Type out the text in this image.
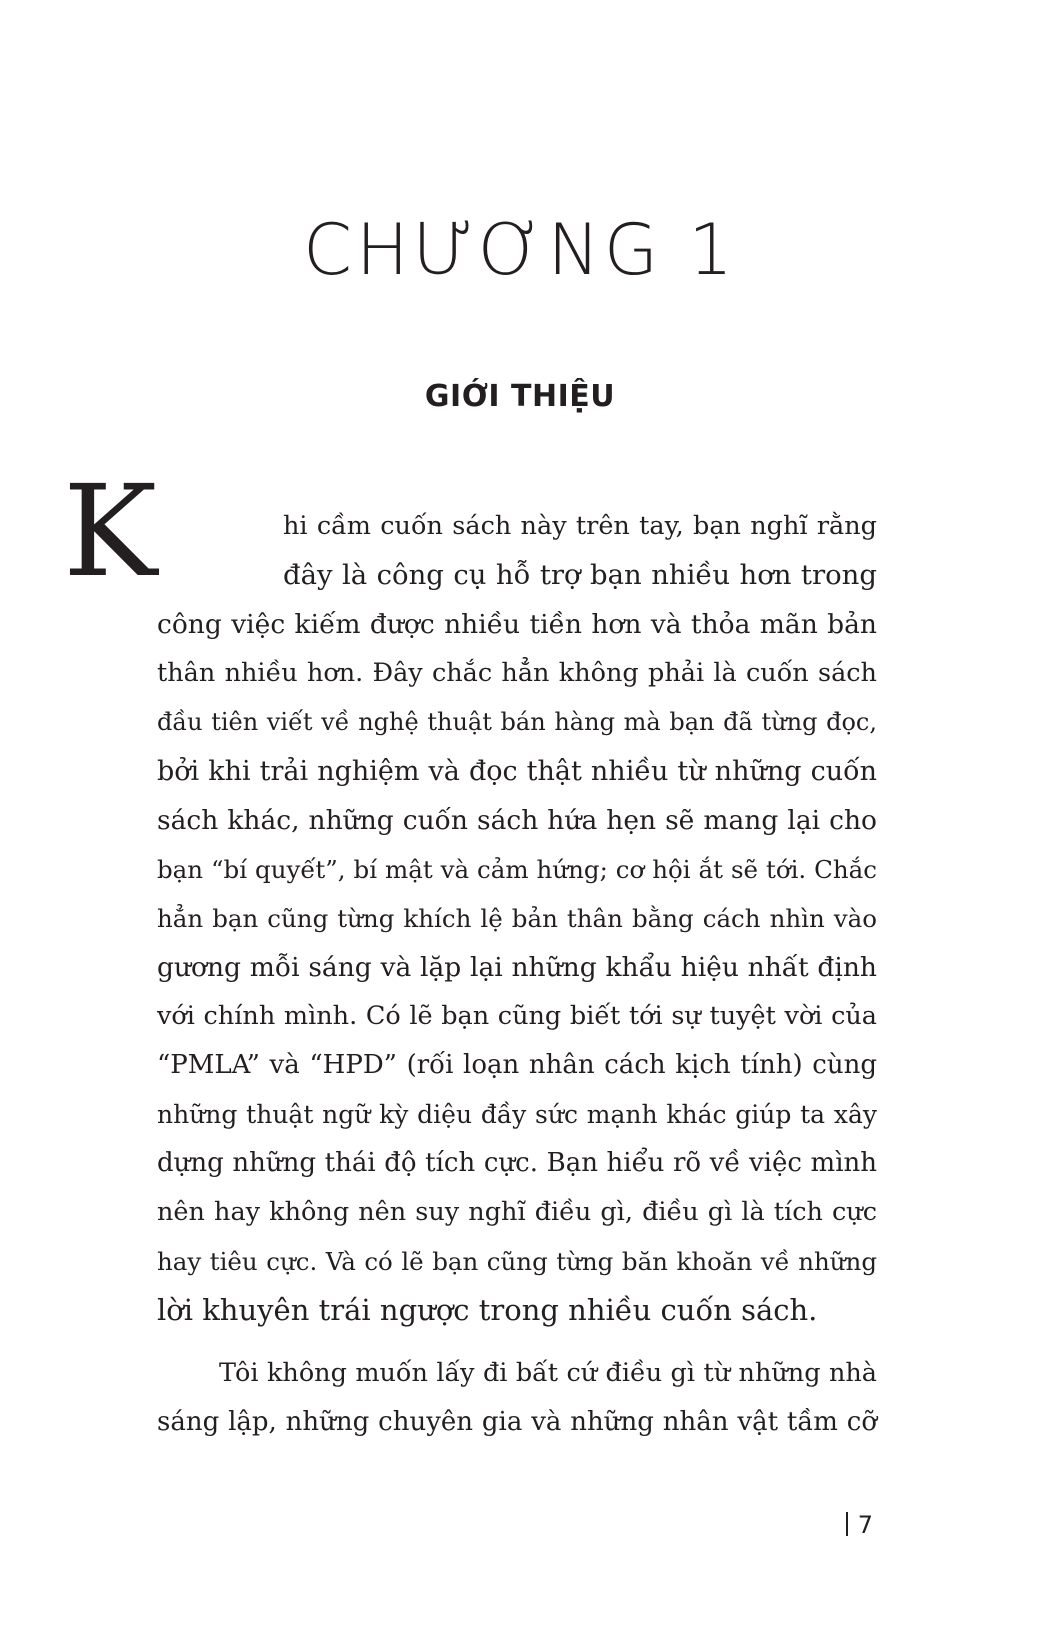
CHƯƠNG 1
GIỚI THIỆU
K	hi cầm cuốn sách này trên tay, bạn nghĩ rằng
đây là công cụ hỗ trợ bạn nhiều hơn trong
công việc kiếm được nhiều tiền hơn và thỏa mãn bản
thân nhiều hơn. Đây chắc hẳn không phải là cuốn sách
đầu tiên viết về nghệ thuật bán hàng mà bạn đã từng đọc,
bởi khi trải nghiệm và đọc thật nhiều từ những cuốn
sách khác, những cuốn sách hứa hẹn sẽ mang lại cho
bạn “bí quyết”, bí mật và cảm hứng; cơ hội ắt sẽ tới. Chắc
hẳn bạn cũng từng khích lệ bản thân bằng cách nhìn vào
gương mỗi sáng và lặp lại những khẩu hiệu nhất định
với chính mình. Có lẽ bạn cũng biết tới sự tuyệt vời của
“PMLA” và “HPD” (rối loạn nhân cách kịch tính) cùng
những thuật ngữ kỳ diệu đầy sức mạnh khác giúp ta xây
dựng những thái độ tích cực. Bạn hiểu rõ về việc mình
nên hay không nên suy nghĩ điều gì, điều gì là tích cực
hay tiêu cực. Và có lẽ bạn cũng từng băn khoăn về những
lời khuyên trái ngược trong nhiều cuốn sách.
Tôi không muốn lấy đi bất cứ điều gì từ những nhà
sáng lập, những chuyên gia và những nhân vật tầm cỡ
7
